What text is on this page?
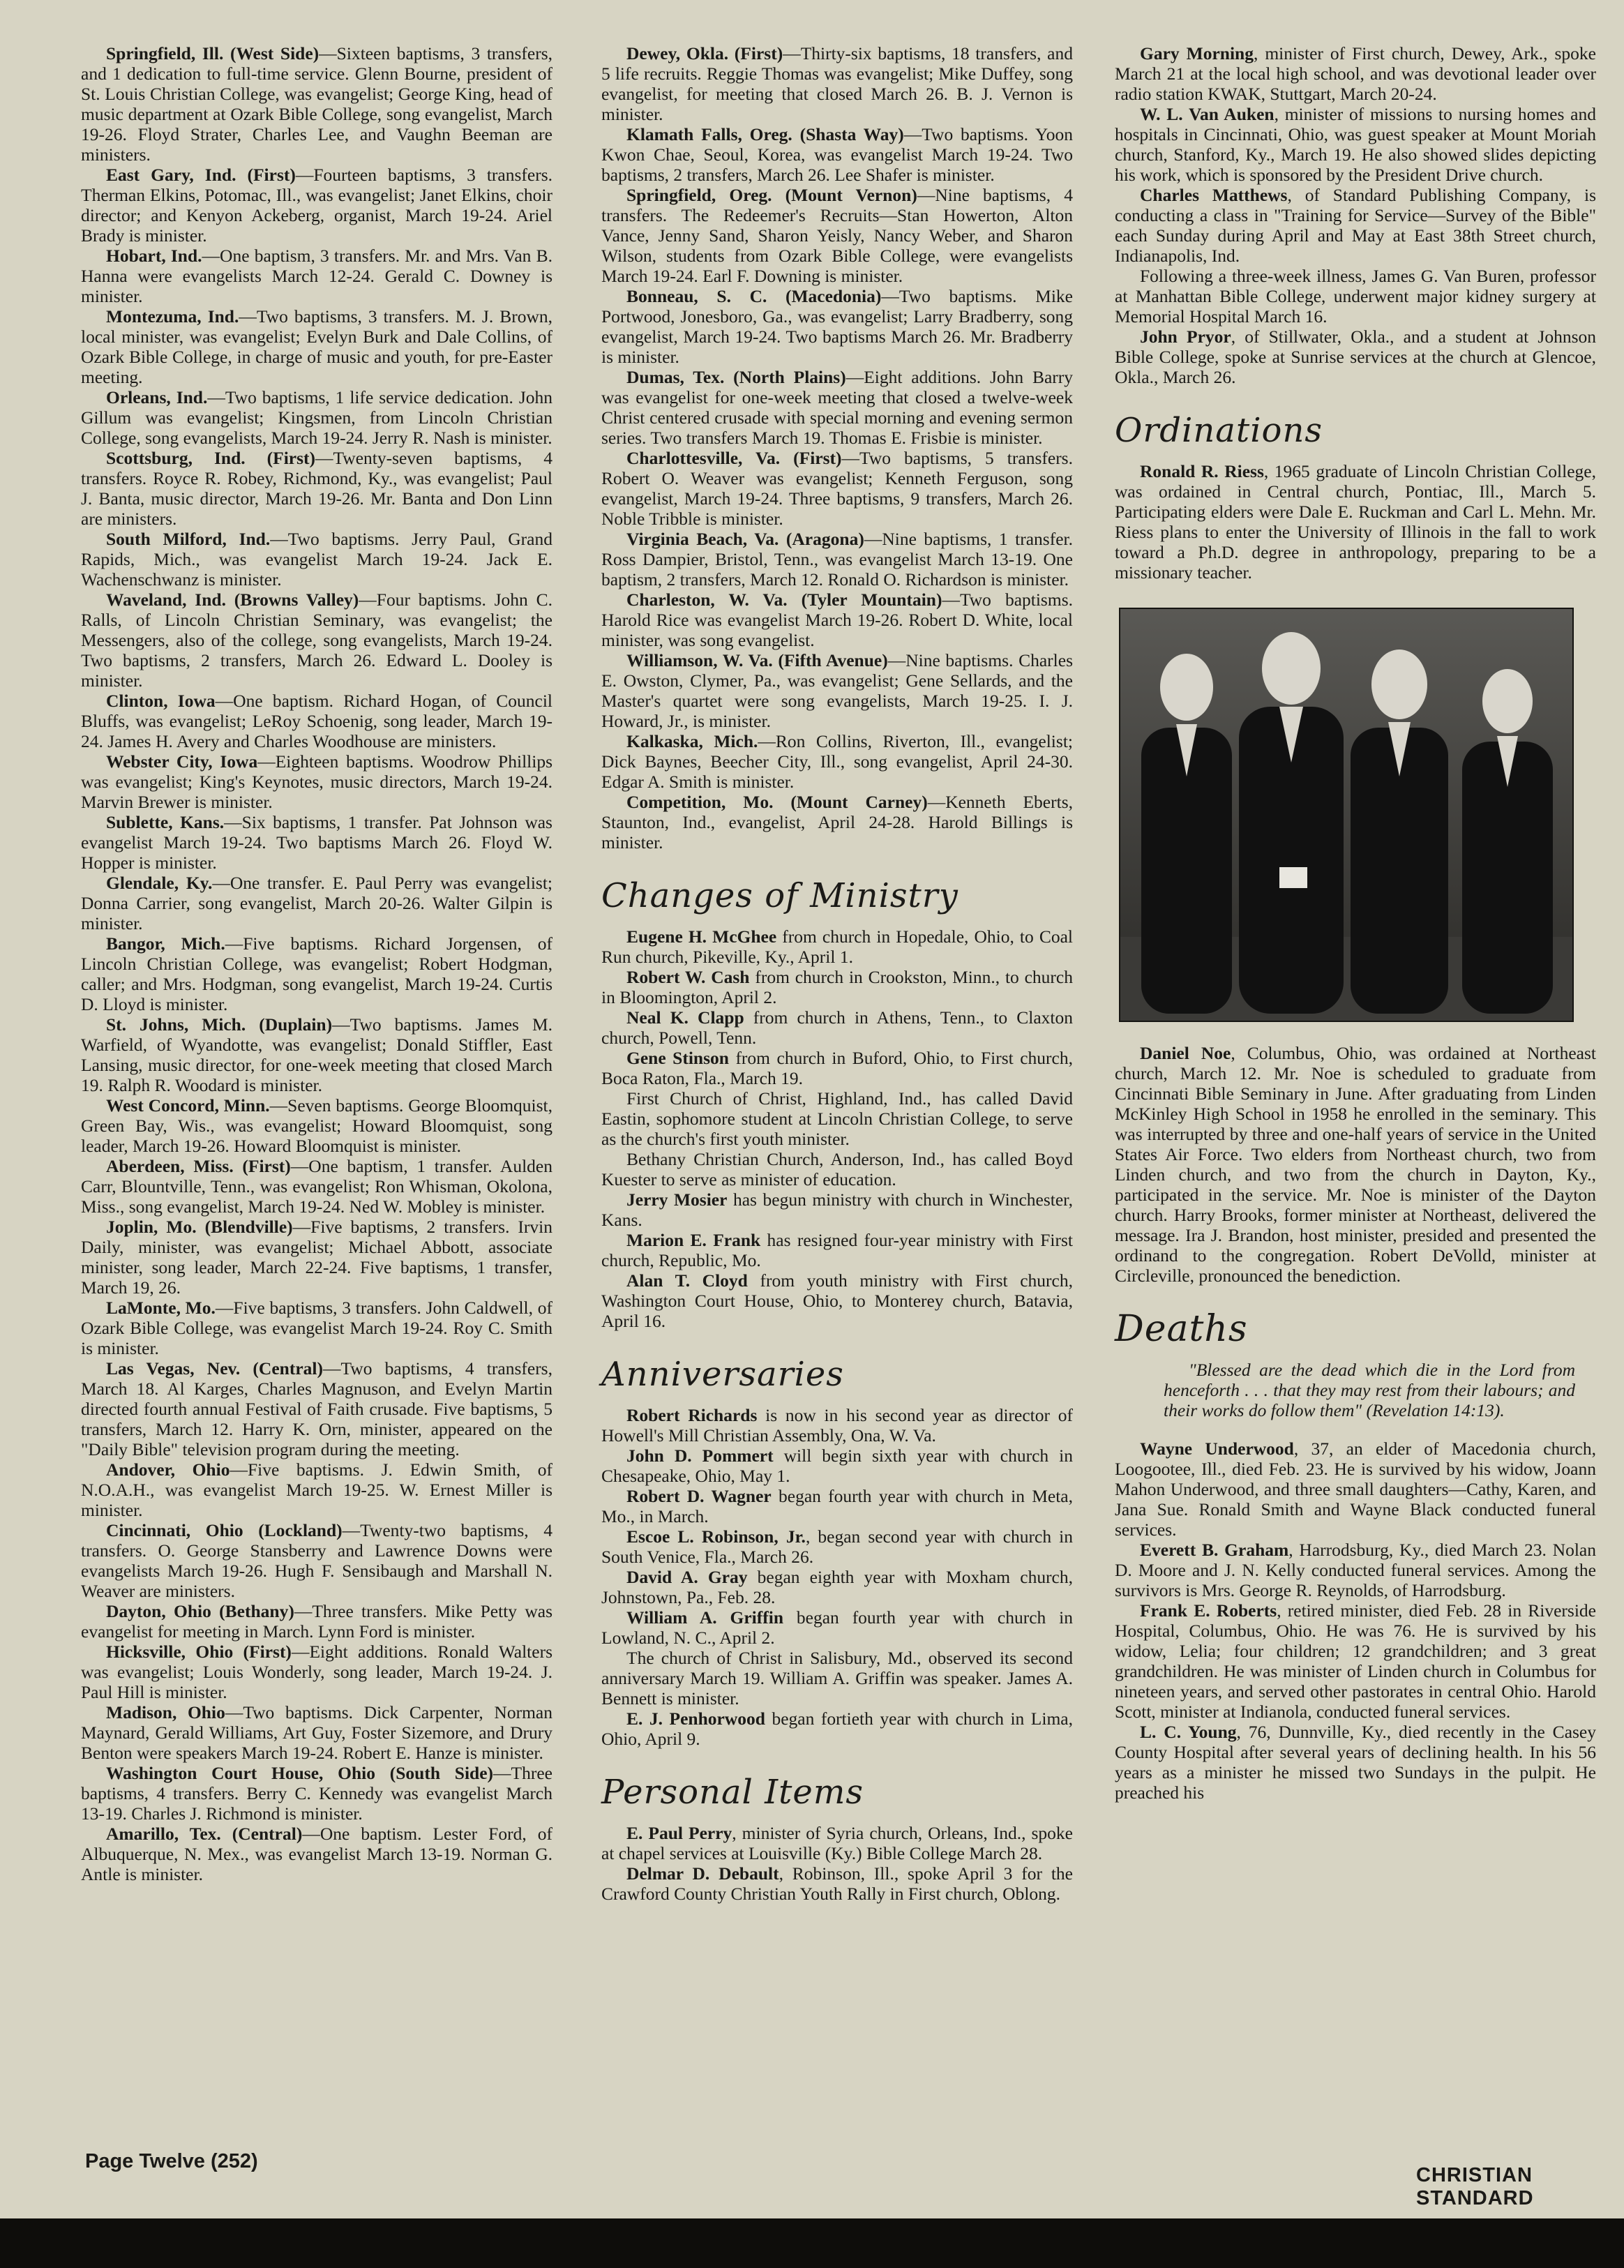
Springfield, Ill. (West Side)—Sixteen baptisms, 3 transfers, and 1 dedication to full-time service. Glenn Bourne, president of St. Louis Christian College, was evangelist; George King, head of music department at Ozark Bible College, song evangelist, March 19-26. Floyd Strater, Charles Lee, and Vaughn Beeman are ministers.

East Gary, Ind. (First)—Fourteen baptisms, 3 transfers. Therman Elkins, Potomac, Ill., was evangelist; Janet Elkins, choir director; and Kenyon Ackeberg, organist, March 19-24. Ariel Brady is minister.

Hobart, Ind.—One baptism, 3 transfers. Mr. and Mrs. Van B. Hanna were evangelists March 12-24. Gerald C. Downey is minister.

Montezuma, Ind.—Two baptisms, 3 transfers. M. J. Brown, local minister, was evangelist; Evelyn Burk and Dale Collins, of Ozark Bible College, in charge of music and youth, for pre-Easter meeting.

Orleans, Ind.—Two baptisms, 1 life service dedication. John Gillum was evangelist; Kingsmen, from Lincoln Christian College, song evangelists, March 19-24. Jerry R. Nash is minister.

Scottsburg, Ind. (First)—Twenty-seven baptisms, 4 transfers. Royce R. Robey, Richmond, Ky., was evangelist; Paul J. Banta, music director, March 19-26. Mr. Banta and Don Linn are ministers.

South Milford, Ind.—Two baptisms. Jerry Paul, Grand Rapids, Mich., was evangelist March 19-24. Jack E. Wachenschwanz is minister.

Waveland, Ind. (Browns Valley)—Four baptisms. John C. Ralls, of Lincoln Christian Seminary, was evangelist; the Messengers, also of the college, song evangelists, March 19-24. Two baptisms, 2 transfers, March 26. Edward L. Dooley is minister.

Clinton, Iowa—One baptism. Richard Hogan, of Council Bluffs, was evangelist; LeRoy Schoenig, song leader, March 19-24. James H. Avery and Charles Woodhouse are ministers.

Webster City, Iowa—Eighteen baptisms. Woodrow Phillips was evangelist; King's Keynotes, music directors, March 19-24. Marvin Brewer is minister.

Sublette, Kans.—Six baptisms, 1 transfer. Pat Johnson was evangelist March 19-24. Two baptisms March 26. Floyd W. Hopper is minister.

Glendale, Ky.—One transfer. E. Paul Perry was evangelist; Donna Carrier, song evangelist, March 20-26. Walter Gilpin is minister.

Bangor, Mich.—Five baptisms. Richard Jorgensen, of Lincoln Christian College, was evangelist; Robert Hodgman, caller; and Mrs. Hodgman, song evangelist, March 19-24. Curtis D. Lloyd is minister.

St. Johns, Mich. (Duplain)—Two baptisms. James M. Warfield, of Wyandotte, was evangelist; Donald Stiffler, East Lansing, music director, for one-week meeting that closed March 19. Ralph R. Woodard is minister.

West Concord, Minn.—Seven baptisms. George Bloomquist, Green Bay, Wis., was evangelist; Howard Bloomquist, song leader, March 19-26. Howard Bloomquist is minister.

Aberdeen, Miss. (First)—One baptism, 1 transfer. Aulden Carr, Blountville, Tenn., was evangelist; Ron Whisman, Okolona, Miss., song evangelist, March 19-24. Ned W. Mobley is minister.

Joplin, Mo. (Blendville)—Five baptisms, 2 transfers. Irvin Daily, minister, was evangelist; Michael Abbott, associate minister, song leader, March 22-24. Five baptisms, 1 transfer, March 19, 26.

LaMonte, Mo.—Five baptisms, 3 transfers. John Caldwell, of Ozark Bible College, was evangelist March 19-24. Roy C. Smith is minister.

Las Vegas, Nev. (Central)—Two baptisms, 4 transfers, March 18. Al Karges, Charles Magnuson, and Evelyn Martin directed fourth annual Festival of Faith crusade. Five baptisms, 5 transfers, March 12. Harry K. Orn, minister, appeared on the "Daily Bible" television program during the meeting.

Andover, Ohio—Five baptisms. J. Edwin Smith, of N.O.A.H., was evangelist March 19-25. W. Ernest Miller is minister.

Cincinnati, Ohio (Lockland)—Twenty-two baptisms, 4 transfers. O. George Stansberry and Lawrence Downs were evangelists March 19-26. Hugh F. Sensibaugh and Marshall N. Weaver are ministers.

Dayton, Ohio (Bethany)—Three transfers. Mike Petty was evangelist for meeting in March. Lynn Ford is minister.

Hicksville, Ohio (First)—Eight additions. Ronald Walters was evangelist; Louis Wonderly, song leader, March 19-24. J. Paul Hill is minister.

Madison, Ohio—Two baptisms. Dick Carpenter, Norman Maynard, Gerald Williams, Art Guy, Foster Sizemore, and Drury Benton were speakers March 19-24. Robert E. Hanze is minister.

Washington Court House, Ohio (South Side)—Three baptisms, 4 transfers. Berry C. Kennedy was evangelist March 13-19. Charles J. Richmond is minister.

Amarillo, Tex. (Central)—One baptism. Lester Ford, of Albuquerque, N. Mex., was evangelist March 13-19. Norman G. Antle is minister.

Dewey, Okla. (First)—Thirty-six baptisms, 18 transfers, and 5 life recruits. Reggie Thomas was evangelist; Mike Duffey, song evangelist, for meeting that closed March 26. B. J. Vernon is minister.

Klamath Falls, Oreg. (Shasta Way)—Two baptisms. Yoon Kwon Chae, Seoul, Korea, was evangelist March 19-24. Two baptisms, 2 transfers, March 26. Lee Shafer is minister.

Springfield, Oreg. (Mount Vernon)—Nine baptisms, 4 transfers. The Redeemer's Recruits—Stan Howerton, Alton Vance, Jenny Sand, Sharon Yeisly, Nancy Weber, and Sharon Wilson, students from Ozark Bible College, were evangelists March 19-24. Earl F. Downing is minister.

Bonneau, S. C. (Macedonia)—Two baptisms. Mike Portwood, Jonesboro, Ga., was evangelist; Larry Bradberry, song evangelist, March 19-24. Two baptisms March 26. Mr. Bradberry is minister.

Dumas, Tex. (North Plains)—Eight additions. John Barry was evangelist for one-week meeting that closed a twelve-week Christ centered crusade with special morning and evening sermon series. Two transfers March 19. Thomas E. Frisbie is minister.

Charlottesville, Va. (First)—Two baptisms, 5 transfers. Robert O. Weaver was evangelist; Kenneth Ferguson, song evangelist, March 19-24. Three baptisms, 9 transfers, March 26. Noble Tribble is minister.

Virginia Beach, Va. (Aragona)—Nine baptisms, 1 transfer. Ross Dampier, Bristol, Tenn., was evangelist March 13-19. One baptism, 2 transfers, March 12. Ronald O. Richardson is minister.

Charleston, W. Va. (Tyler Mountain)—Two baptisms. Harold Rice was evangelist March 19-26. Robert D. White, local minister, was song evangelist.

Williamson, W. Va. (Fifth Avenue)—Nine baptisms. Charles E. Owston, Clymer, Pa., was evangelist; Gene Sellards, and the Master's quartet were song evangelists, March 19-25. I. J. Howard, Jr., is minister.

Kalkaska, Mich.—Ron Collins, Riverton, Ill., evangelist; Dick Baynes, Beecher City, Ill., song evangelist, April 24-30. Edgar A. Smith is minister.

Competition, Mo. (Mount Carney)—Kenneth Eberts, Staunton, Ind., evangelist, April 24-28. Harold Billings is minister.

Changes of Ministry

Eugene H. McGhee from church in Hopedale, Ohio, to Coal Run church, Pikeville, Ky., April 1.

Robert W. Cash from church in Crookston, Minn., to church in Bloomington, April 2.

Neal K. Clapp from church in Athens, Tenn., to Claxton church, Powell, Tenn.

Gene Stinson from church in Buford, Ohio, to First church, Boca Raton, Fla., March 19.

First Church of Christ, Highland, Ind., has called David Eastin, sophomore student at Lincoln Christian College, to serve as the church's first youth minister.

Bethany Christian Church, Anderson, Ind., has called Boyd Kuester to serve as minister of education.

Jerry Mosier has begun ministry with church in Winchester, Kans.

Marion E. Frank has resigned four-year ministry with First church, Republic, Mo.

Alan T. Cloyd from youth ministry with First church, Washington Court House, Ohio, to Monterey church, Batavia, April 16.

Anniversaries

Robert Richards is now in his second year as director of Howell's Mill Christian Assembly, Ona, W. Va.

John D. Pommert will begin sixth year with church in Chesapeake, Ohio, May 1.

Robert D. Wagner began fourth year with church in Meta, Mo., in March.

Escoe L. Robinson, Jr., began second year with church in South Venice, Fla., March 26.

David A. Gray began eighth year with Moxham church, Johnstown, Pa., Feb. 28.

William A. Griffin began fourth year with church in Lowland, N. C., April 2.

The church of Christ in Salisbury, Md., observed its second anniversary March 19. William A. Griffin was speaker. James A. Bennett is minister.

E. J. Penhorwood began fortieth year with church in Lima, Ohio, April 9.

Personal Items

E. Paul Perry, minister of Syria church, Orleans, Ind., spoke at chapel services at Louisville (Ky.) Bible College March 28.

Delmar D. Debault, Robinson, Ill., spoke April 3 for the Crawford County Christian Youth Rally in First church, Oblong.

Gary Morning, minister of First church, Dewey, Ark., spoke March 21 at the local high school, and was devotional leader over radio station KWAK, Stuttgart, March 20-24.

W. L. Van Auken, minister of missions to nursing homes and hospitals in Cincinnati, Ohio, was guest speaker at Mount Moriah church, Stanford, Ky., March 19. He also showed slides depicting his work, which is sponsored by the President Drive church.

Charles Matthews, of Standard Publishing Company, is conducting a class in "Training for Service—Survey of the Bible" each Sunday during April and May at East 38th Street church, Indianapolis, Ind.

Following a three-week illness, James G. Van Buren, professor at Manhattan Bible College, underwent major kidney surgery at Memorial Hospital March 16.

John Pryor, of Stillwater, Okla., and a student at Johnson Bible College, spoke at Sunrise services at the church at Glencoe, Okla., March 26.

Ordinations

Ronald R. Riess, 1965 graduate of Lincoln Christian College, was ordained in Central church, Pontiac, Ill., March 5. Participating elders were Dale E. Ruckman and Carl L. Mehn. Mr. Riess plans to enter the University of Illinois in the fall to work toward a Ph.D. degree in anthropology, preparing to be a missionary teacher.

Daniel Noe, Columbus, Ohio, was ordained at Northeast church, March 12. Mr. Noe is scheduled to graduate from Cincinnati Bible Seminary in June. After graduating from Linden McKinley High School in 1958 he enrolled in the seminary. This was interrupted by three and one-half years of service in the United States Air Force. Two elders from Northeast church, two from Linden church, and two from the church in Dayton, Ky., participated in the service. Mr. Noe is minister of the Dayton church. Harry Brooks, former minister at Northeast, delivered the message. Ira J. Brandon, host minister, presided and presented the ordinand to the congregation. Robert DeVolld, minister at Circleville, pronounced the benediction.

Deaths

"Blessed are the dead which die in the Lord from henceforth . . . that they may rest from their labours; and their works do follow them" (Revelation 14:13).

Wayne Underwood, 37, an elder of Macedonia church, Loogootee, Ill., died Feb. 23. He is survived by his widow, Joann Mahon Underwood, and three small daughters—Cathy, Karen, and Jana Sue. Ronald Smith and Wayne Black conducted funeral services.

Everett B. Graham, Harrodsburg, Ky., died March 23. Nolan D. Moore and J. N. Kelly conducted funeral services. Among the survivors is Mrs. George R. Reynolds, of Harrodsburg.

Frank E. Roberts, retired minister, died Feb. 28 in Riverside Hospital, Columbus, Ohio. He was 76. He is survived by his widow, Lelia; four children; 12 grandchildren; and 3 great grandchildren. He was minister of Linden church in Columbus for nineteen years, and served other pastorates in central Ohio. Harold Scott, minister at Indianola, conducted funeral services.

L. C. Young, 76, Dunnville, Ky., died recently in the Casey County Hospital after several years of declining health. In his 56 years as a minister he missed two Sundays in the pulpit. He preached his

Page Twelve (252)
CHRISTIAN STANDARD
